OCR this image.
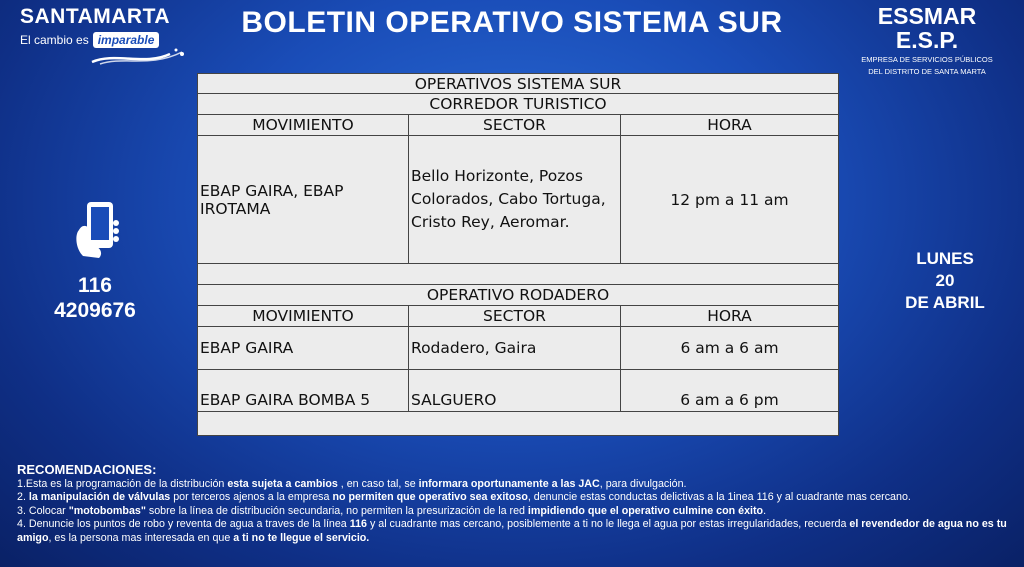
SANTAMARTA
El cambio es imparable
BOLETIN OPERATIVO SISTEMA SUR	ESSMAR E.S.P.
EMPRESA DE SERVICIOS PÚBLICOS
DEL DISTRITO DE SANTA MARTA
OPERATIVOS SISTEMA SUR		
CORREDOR TURISTICO		
MOVIMIENTO	SECTOR	HORA
EBAP GAIRA, EBAP IROTAMA	Bello Horizonte, Pozos Colorados, Cabo Tortuga, Cristo Rey, Aeromar.	12 pm a 11 am

OPERATIVO RODADERO		
MOVIMIENTO	SECTOR	HORA
EBAP GAIRA	Rodadero, Gaira	6 am a 6 am
EBAP GAIRA BOMBA 5	SALGUERO	6 am a 6 pm

116
4209676
LUNES
20
DE ABRIL
RECOMENDACIONES:
1.Esta es la programación de la distribución esta sujeta a cambios , en caso tal, se informara oportunamente a las JAC, para divulgación.
2. la manipulación de válvulas por terceros ajenos a la empresa no permiten que operativo sea exitoso, denuncie estas conductas delictivas a la 1inea 116 y al cuadrante mas cercano.
3. Colocar "motobombas" sobre la línea de distribución secundaria, no permiten la presurización de la red impidiendo que el operativo culmine con éxito.
4. Denuncie los puntos de robo y reventa de agua a traves de la línea 116 y al cuadrante mas cercano, posiblemente a ti no le llega el agua por estas irregularidades, recuerda el revendedor de agua no es tu amigo, es la persona mas interesada en que a ti no te llegue el servicio.
